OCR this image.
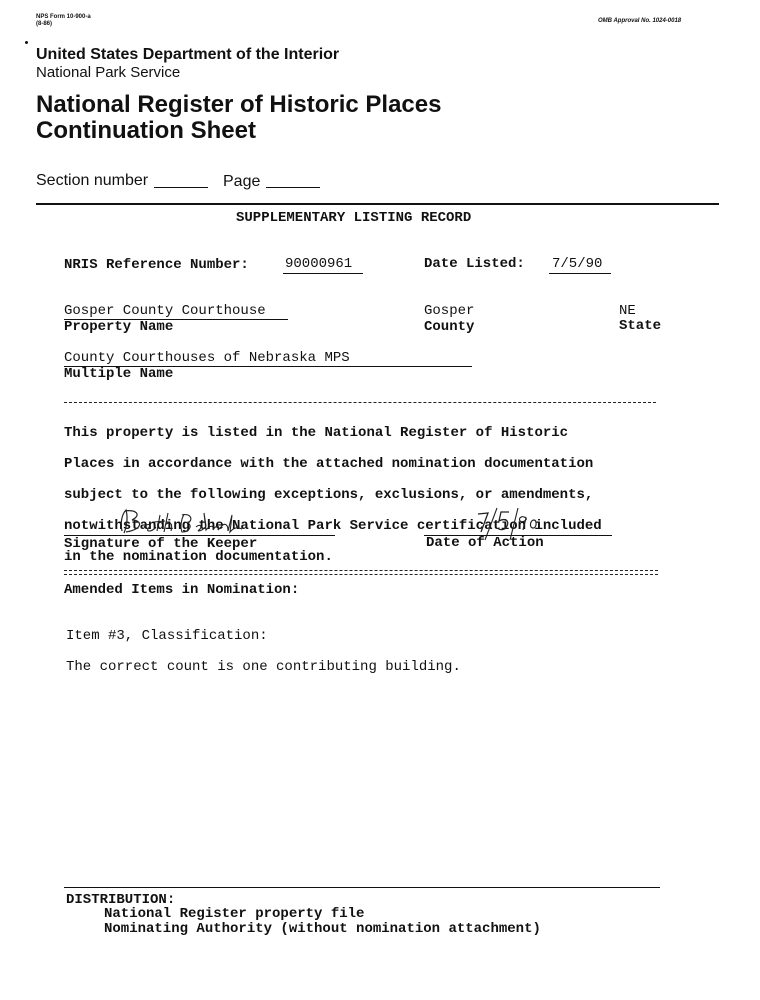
NPS Form 10-900-a
(8-86)	OMB Approval No. 1024-0018
United States Department of the Interior
National Park Service
National Register of Historic Places
Continuation Sheet
Section number	Page
SUPPLEMENTARY LISTING RECORD
NRIS Reference Number:	90000961	Date Listed: 7/5/90
Gosper County Courthouse
Property Name
Gosper
County
NE
State
County Courthouses of Nebraska MPS
Multiple Name

This property is listed in the National Register of Historic

Places in accordance with the attached nomination documentation

subject to the following exceptions, exclusions, or amendments,

notwithstanding the National Park Service certification included

in the nomination documentation.

Signature of the Keeper	Date of Action
Amended Items in Nomination:
Item #3, Classification:
The correct count is one contributing building.
DISTRIBUTION:
National Register property file
Nominating Authority (without nomination attachment)
